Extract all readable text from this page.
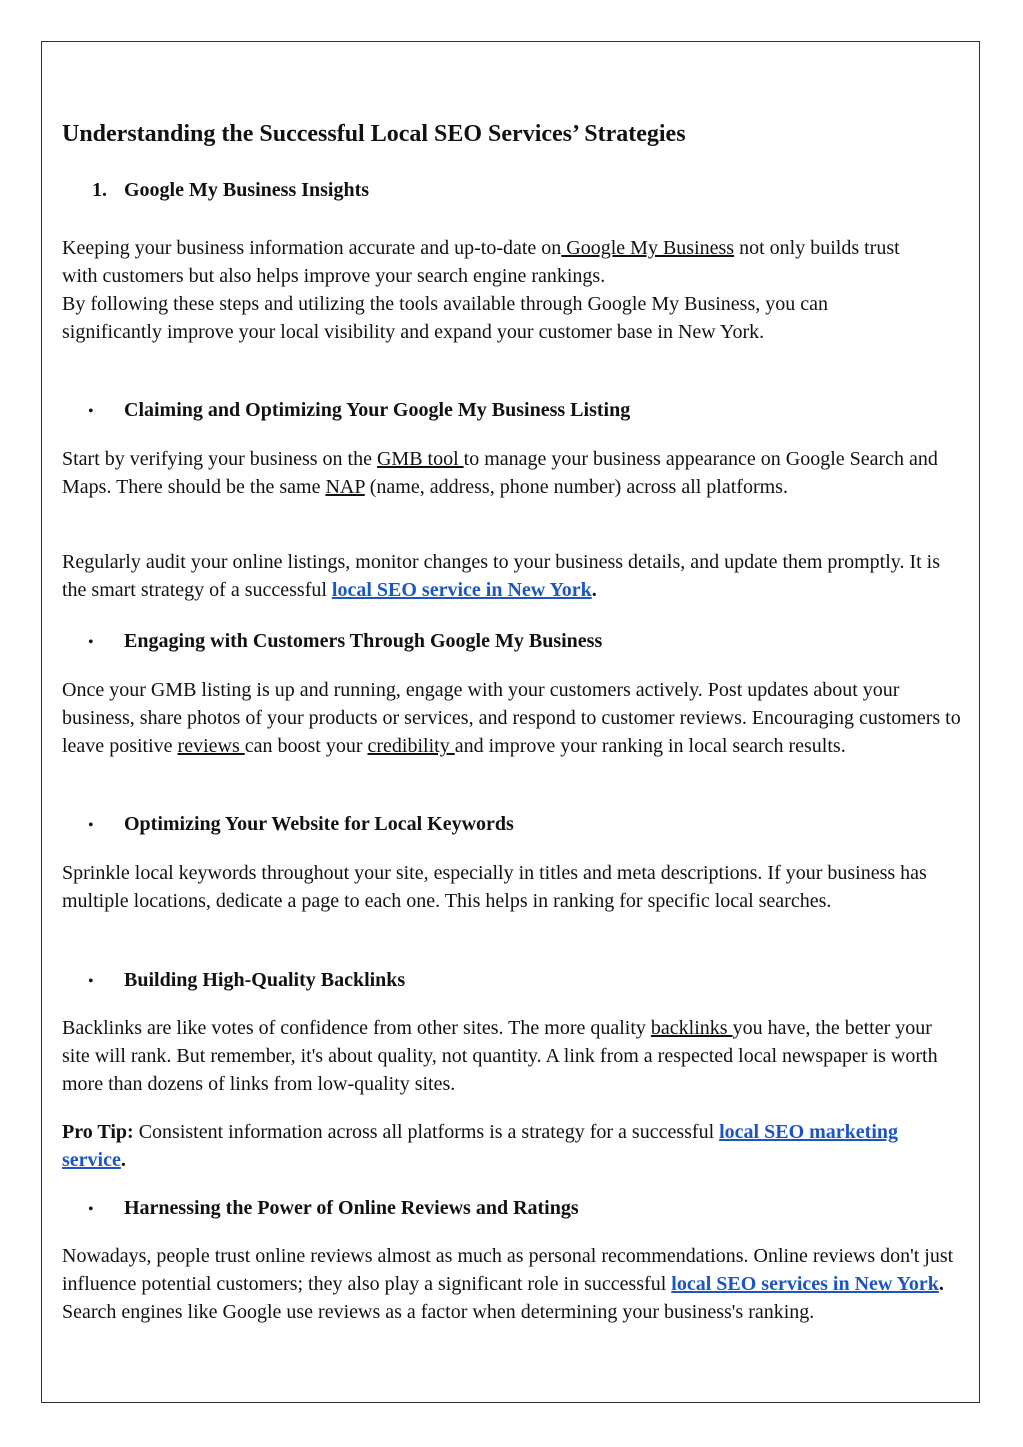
Understanding the Successful Local SEO Services’ Strategies
1. Google My Business Insights

Keeping your business information accurate and up-to-date on Google My Business not only builds trust with customers but also helps improve your search engine rankings.
By following these steps and utilizing the tools available through Google My Business, you can significantly improve your local visibility and expand your customer base in New York.

• Claiming and Optimizing Your Google My Business Listing

Start by verifying your business on the GMB tool to manage your business appearance on Google Search and Maps. There should be the same NAP (name, address, phone number) across all platforms.

Regularly audit your online listings, monitor changes to your business details, and update them promptly. It is the smart strategy of a successful local SEO service in New York.

• Engaging with Customers Through Google My Business

Once your GMB listing is up and running, engage with your customers actively. Post updates about your business, share photos of your products or services, and respond to customer reviews. Encouraging customers to leave positive reviews can boost your credibility and improve your ranking in local search results.

• Optimizing Your Website for Local Keywords

Sprinkle local keywords throughout your site, especially in titles and meta descriptions. If your business has multiple locations, dedicate a page to each one. This helps in ranking for specific local searches.

• Building High-Quality Backlinks

Backlinks are like votes of confidence from other sites. The more quality backlinks you have, the better your site will rank. But remember, it's about quality, not quantity. A link from a respected local newspaper is worth more than dozens of links from low-quality sites.

Pro Tip: Consistent information across all platforms is a strategy for a successful local SEO marketing service.

• Harnessing the Power of Online Reviews and Ratings

Nowadays, people trust online reviews almost as much as personal recommendations. Online reviews don't just influence potential customers; they also play a significant role in successful local SEO services in New York. Search engines like Google use reviews as a factor when determining your business's ranking.
